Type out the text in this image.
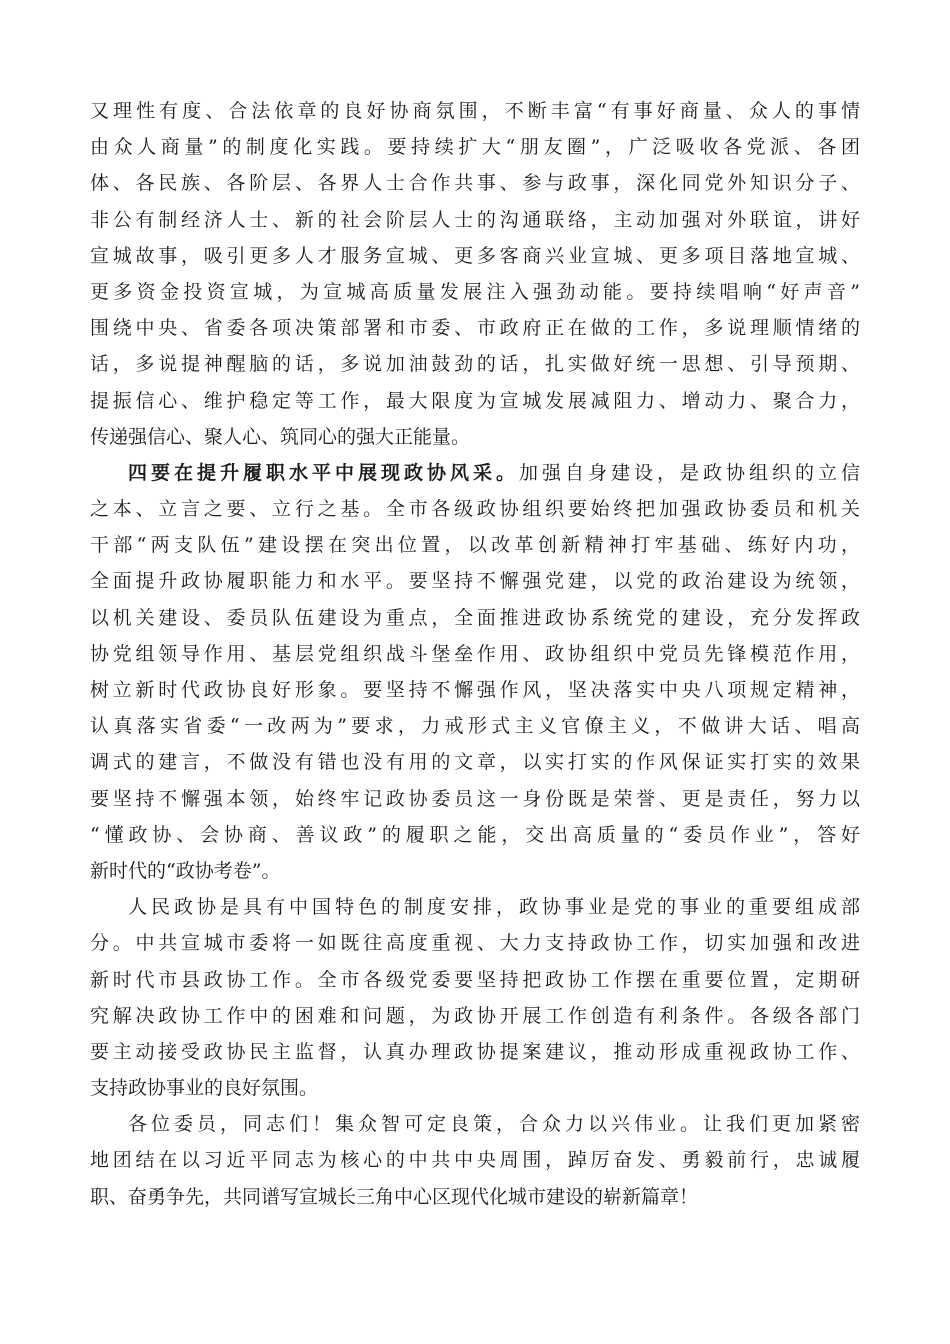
又理性有度、合法依章的良好协商氛围，不断丰富“有事好商量、众人的事情
由众人商量”的制度化实践。要持续扩大“朋友圈”，广泛吸收各党派、各团
体、各民族、各阶层、各界人士合作共事、参与政事，深化同党外知识分子、
非公有制经济人士、新的社会阶层人士的沟通联络，主动加强对外联谊，讲好
宣城故事，吸引更多人才服务宣城、更多客商兴业宣城、更多项目落地宣城、
更多资金投资宣城，为宣城高质量发展注入强劲动能。要持续唱响“好声音”
围绕中央、省委各项决策部署和市委、市政府正在做的工作，多说理顺情绪的
话，多说提神醒脑的话，多说加油鼓劲的话，扎实做好统一思想、引导预期、
提振信心、维护稳定等工作，最大限度为宣城发展减阻力、增动力、聚合力，
传递强信心、聚人心、筑同心的强大正能量。
四要在提升履职水平中展现政协风采。加强自身建设，是政协组织的立信
之本、立言之要、立行之基。全市各级政协组织要始终把加强政协委员和机关
干部“两支队伍”建设摆在突出位置，以改革创新精神打牢基础、练好内功，
全面提升政协履职能力和水平。要坚持不懈强党建，以党的政治建设为统领，
以机关建设、委员队伍建设为重点，全面推进政协系统党的建设，充分发挥政
协党组领导作用、基层党组织战斗堡垒作用、政协组织中党员先锋模范作用，
树立新时代政协良好形象。要坚持不懈强作风，坚决落实中央八项规定精神，
认真落实省委“一改两为”要求，力戒形式主义官僚主义，不做讲大话、唱高
调式的建言，不做没有错也没有用的文章，以实打实的作风保证实打实的效果
要坚持不懈强本领，始终牢记政协委员这一身份既是荣誉、更是责任，努力以
“懂政协、会协商、善议政”的履职之能，交出高质量的“委员作业”，答好
新时代的“政协考卷”。
人民政协是具有中国特色的制度安排，政协事业是党的事业的重要组成部
分。中共宣城市委将一如既往高度重视、大力支持政协工作，切实加强和改进
新时代市县政协工作。全市各级党委要坚持把政协工作摆在重要位置，定期研
究解决政协工作中的困难和问题，为政协开展工作创造有利条件。各级各部门
要主动接受政协民主监督，认真办理政协提案建议，推动形成重视政协工作、
支持政协事业的良好氛围。
各位委员，同志们！集众智可定良策，合众力以兴伟业。让我们更加紧密
地团结在以习近平同志为核心的中共中央周围，踔厉奋发、勇毅前行，忠诚履
职、奋勇争先，共同谱写宣城长三角中心区现代化城市建设的崭新篇章！
